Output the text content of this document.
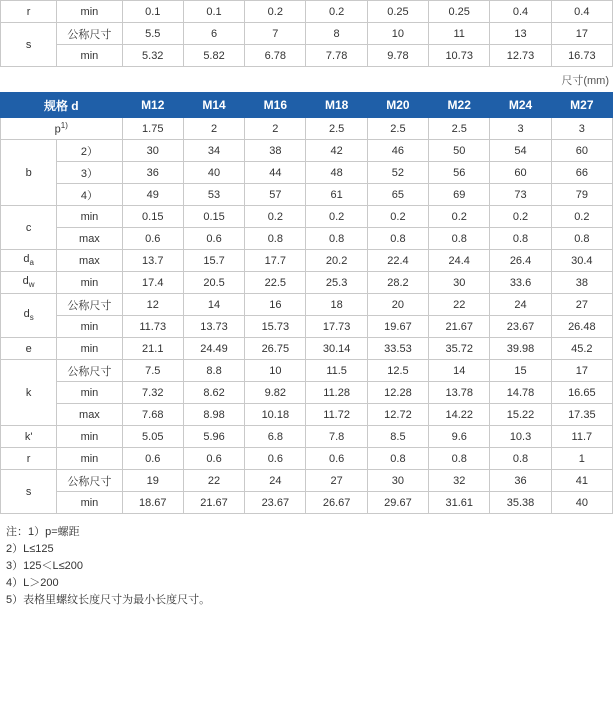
r	min	0.1	0.1	0.2	0.2	0.25	0.25	0.4	0.4
s	公称尺寸	5.5	6	7	8	10	11	13	17
	min	5.32	5.82	6.78	7.78	9.78	10.73	12.73	16.73
尺寸(mm)
规格 d		M12	M14	M16	M18	M20	M22	M24	M27
$p^{1)}$		1.75	2	2	2.5	2.5	2.5	3	3
b	2）	30	34	38	42	46	50	54	60
	3）	36	40	44	48	52	56	60	66
	4）	49	53	57	61	65	69	73	79
c	min	0.15	0.15	0.2	0.2	0.2	0.2	0.2	0.2
	max	0.6	0.6	0.8	0.8	0.8	0.8	0.8	0.8
$d_a$	max	13.7	15.7	17.7	20.2	22.4	24.4	26.4	30.4
$d_w$	min	17.4	20.5	22.5	25.3	28.2	30	33.6	38
$d_s$	公称尺寸	12	14	16	18	20	22	24	27
	min	11.73	13.73	15.73	17.73	19.67	21.67	23.67	26.48
e	min	21.1	24.49	26.75	30.14	33.53	35.72	39.98	45.2
k	公称尺寸	7.5	8.8	10	11.5	12.5	14	15	17
	min	7.32	8.62	9.82	11.28	12.28	13.78	14.78	16.65
	max	7.68	8.98	10.18	11.72	12.72	14.22	15.22	17.35
k'	min	5.05	5.96	6.8	7.8	8.5	9.6	10.3	11.7
r	min	0.6	0.6	0.6	0.6	0.8	0.8	0.8	1
s	公称尺寸	19	22	24	27	30	32	36	41
	min	18.67	21.67	23.67	26.67	29.67	31.61	35.38	40
注：1）p=螺距
2）L≤125
3）125＜L≤200
4）L＞200
5）表格里螺纹长度尺寸为最小长度尺寸。
